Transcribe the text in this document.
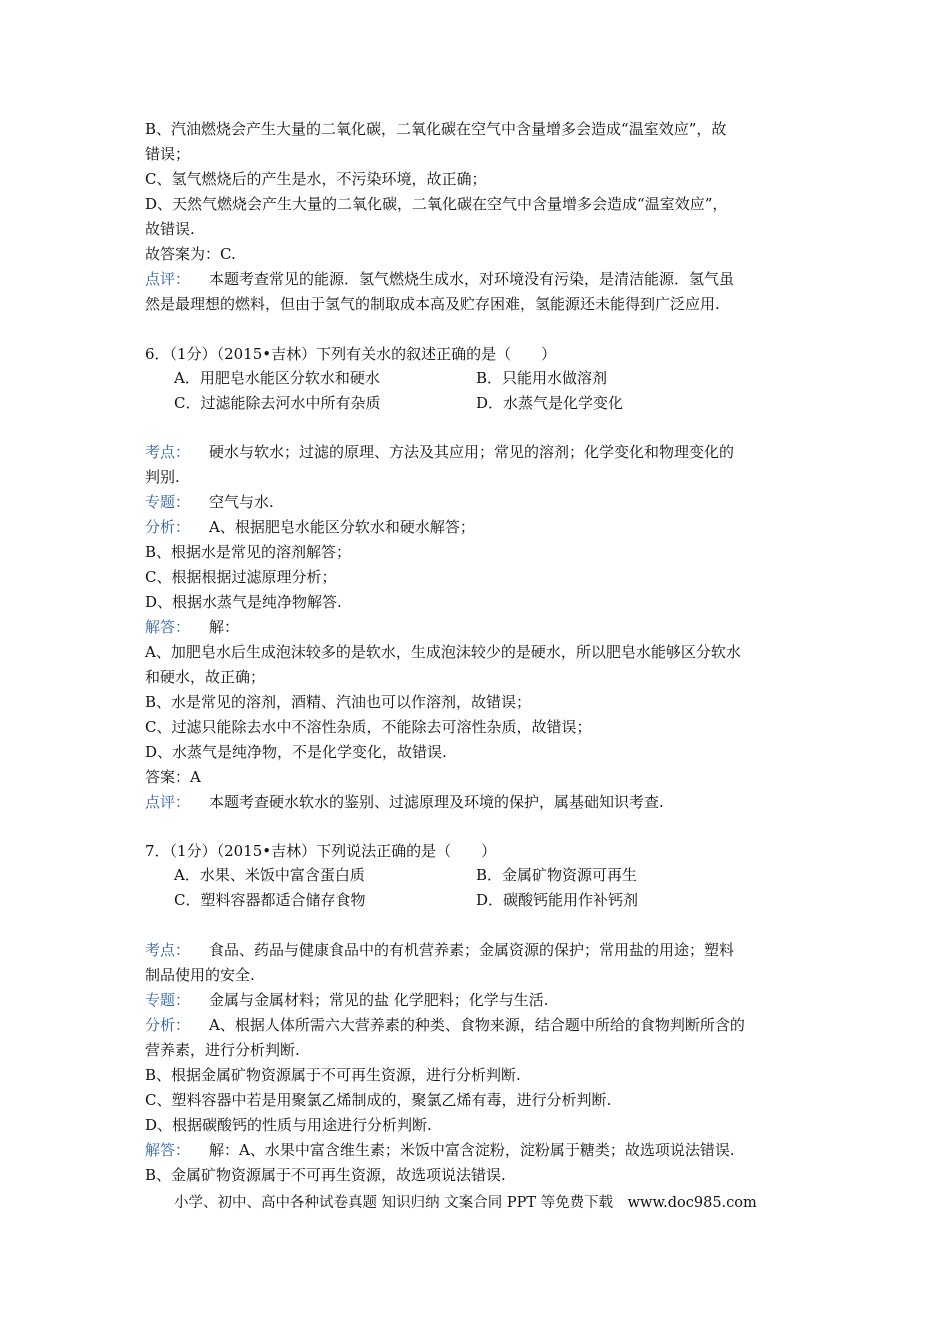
B、汽油燃烧会产生大量的二氧化碳，二氧化碳在空气中含量增多会造成“温室效应”，故
错误；
C、氢气燃烧后的产生是水，不污染环境，故正确；
D、天然气燃烧会产生大量的二氧化碳，二氧化碳在空气中含量增多会造成“温室效应”，
故错误.
故答案为：C.
点评： 本题考查常见的能源．氢气燃烧生成水，对环境没有污染，是清洁能源．氢气虽
然是最理想的燃料，但由于氢气的制取成本高及贮存困难，氢能源还未能得到广泛应用.
6．（1分）（2015•吉林）下列有关水的叙述正确的是（　　）
A．用肥皂水能区分软水和硬水	B．只能用水做溶剂
C．过滤能除去河水中所有杂质	D．水蒸气是化学变化
考点： 硬水与软水；过滤的原理、方法及其应用；常见的溶剂；化学变化和物理变化的
判别.
专题： 空气与水.
分析： A、根据肥皂水能区分软水和硬水解答；
B、根据水是常见的溶剂解答；
C、根据根据过滤原理分析；
D、根据水蒸气是纯净物解答.
解答： 解：
A、加肥皂水后生成泡沫较多的是软水，生成泡沫较少的是硬水，所以肥皂水能够区分软水
和硬水，故正确；
B、水是常见的溶剂，酒精、汽油也可以作溶剂，故错误；
C、过滤只能除去水中不溶性杂质，不能除去可溶性杂质，故错误；
D、水蒸气是纯净物，不是化学变化，故错误.
答案：A
点评： 本题考查硬水软水的鉴别、过滤原理及环境的保护，属基础知识考查.
7．（1分）（2015•吉林）下列说法正确的是（　　）
A．水果、米饭中富含蛋白质	B．金属矿物资源可再生
C．塑料容器都适合储存食物	D．碳酸钙能用作补钙剂
考点： 食品、药品与健康食品中的有机营养素；金属资源的保护；常用盐的用途；塑料
制品使用的安全.
专题： 金属与金属材料；常见的盐 化学肥料；化学与生活.
分析： A、根据人体所需六大营养素的种类、食物来源，结合题中所给的食物判断所含的
营养素，进行分析判断.
B、根据金属矿物资源属于不可再生资源，进行分析判断.
C、塑料容器中若是用聚氯乙烯制成的，聚氯乙烯有毒，进行分析判断.
D、根据碳酸钙的性质与用途进行分析判断.
解答： 解：A、水果中富含维生素；米饭中富含淀粉，淀粉属于糖类；故选项说法错误.
B、金属矿物资源属于不可再生资源，故选项说法错误.
小学、初中、高中各种试卷真题 知识归纳 文案合同 PPT 等免费下载　www.doc985.com
